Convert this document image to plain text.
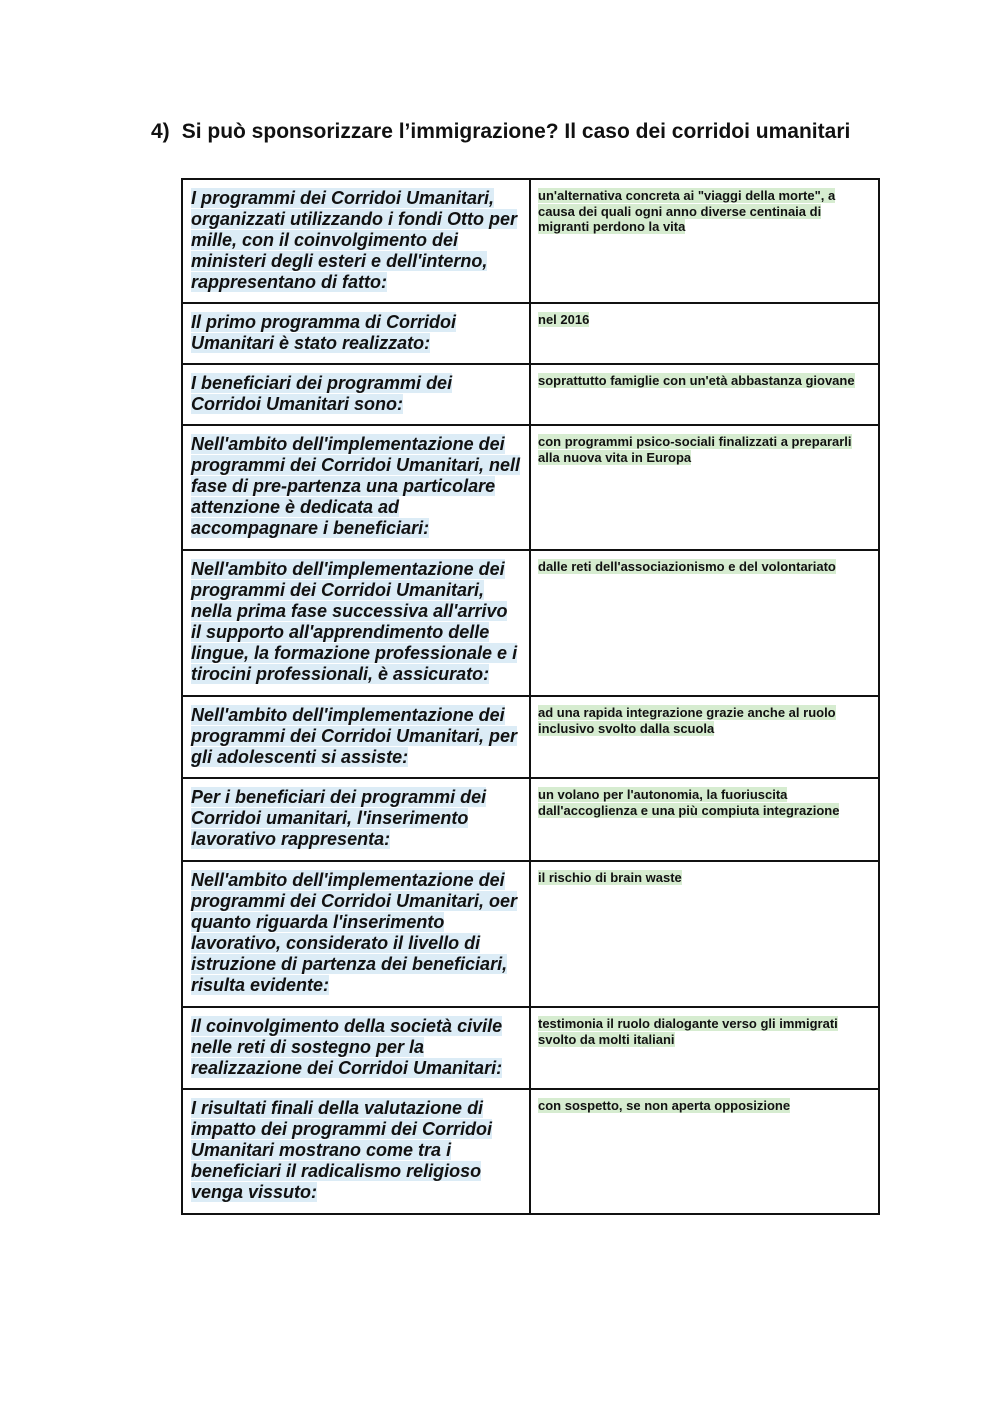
4) Si può sponsorizzare l’immigrazione? Il caso dei corridoi umanitari
I programmi dei Corridoi Umanitari, organizzati utilizzando i fondi Otto per mille, con il coinvolgimento dei ministeri degli esteri e dell'interno, rappresentano di fatto:	un'alternativa concreta ai "viaggi della morte", a causa dei quali ogni anno diverse centinaia di migranti perdono la vita
Il primo programma di Corridoi Umanitari è stato realizzato:	nel 2016
I beneficiari dei programmi dei Corridoi Umanitari sono:	soprattutto famiglie con un'età abbastanza giovane
Nell'ambito dell'implementazione dei programmi dei Corridoi Umanitari, nell fase di pre-partenza una particolare attenzione è dedicata ad accompagnare i beneficiari:	con programmi psico-sociali finalizzati a prepararli alla nuova vita in Europa
Nell'ambito dell'implementazione dei programmi dei Corridoi Umanitari, nella prima fase successiva all'arrivo il supporto all'apprendimento delle lingue, la formazione professionale e i tirocini professionali, è assicurato:	dalle reti dell'associazionismo e del volontariato
Nell'ambito dell'implementazione dei programmi dei Corridoi Umanitari, per gli adolescenti si assiste:	ad una rapida integrazione grazie anche al ruolo inclusivo svolto dalla scuola
Per i beneficiari dei programmi dei Corridoi umanitari, l'inserimento lavorativo rappresenta:	un volano per l'autonomia, la fuoriuscita dall'accoglienza e una più compiuta integrazione
Nell'ambito dell'implementazione dei programmi dei Corridoi Umanitari, oer quanto riguarda l'inserimento lavorativo, considerato il livello di istruzione di partenza dei beneficiari, risulta evidente:	il rischio di brain waste
Il coinvolgimento della società civile nelle reti di sostegno per la realizzazione dei Corridoi Umanitari:	testimonia il ruolo dialogante verso gli immigrati svolto da molti italiani
I risultati finali della valutazione di impatto dei programmi dei Corridoi Umanitari mostrano come tra i beneficiari il radicalismo religioso venga vissuto:	con sospetto, se non aperta opposizione
